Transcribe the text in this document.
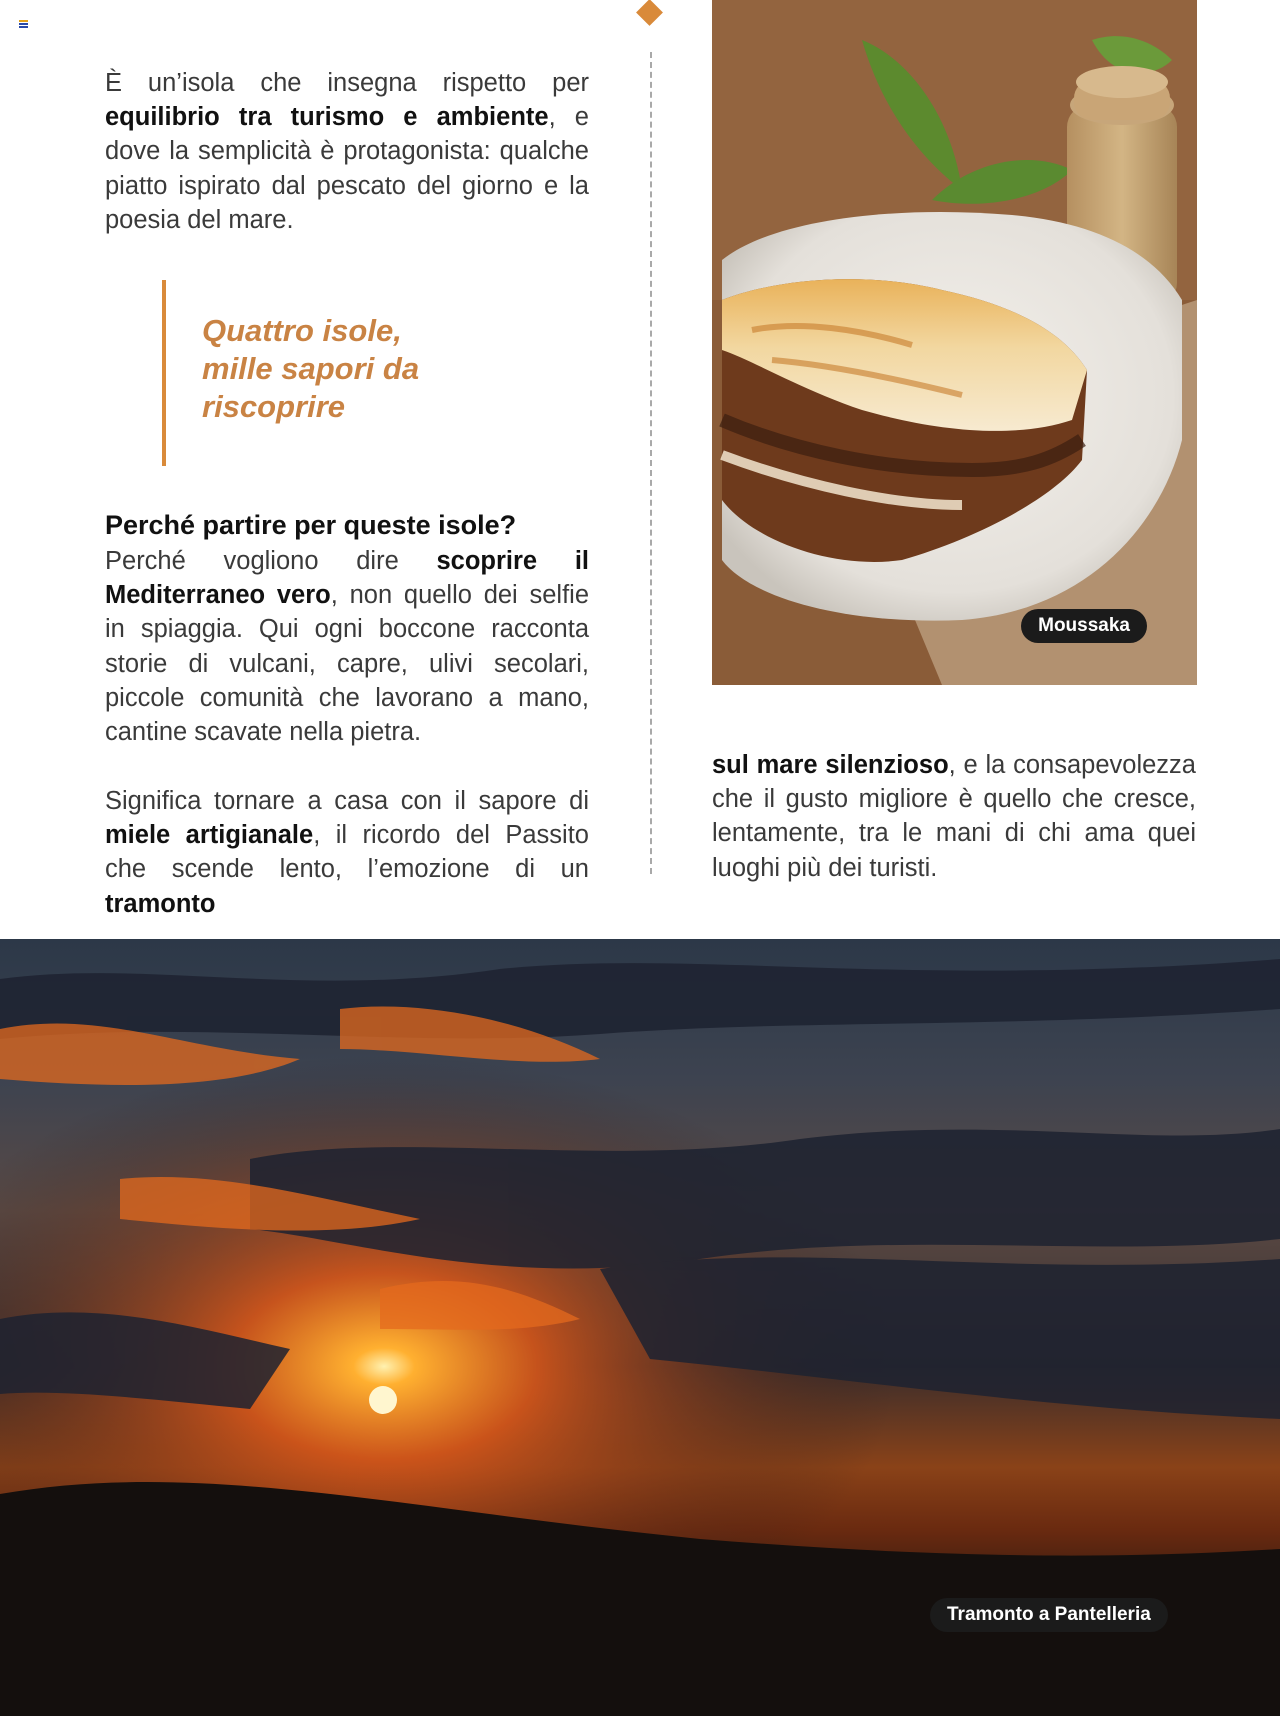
È un’isola che insegna rispetto per equilibrio tra turismo e ambiente, e dove la semplicità è protagonista: qualche piatto ispirato dal pescato del giorno e la poesia del mare.

Quattro isole,
mille sapori da
riscoprire
Perché partire per queste isole?

Perché vogliono dire scoprire il Mediterraneo vero, non quello dei selfie in spiaggia. Qui ogni boccone racconta storie di vulcani, capre, ulivi secolari, piccole comunità che lavorano a mano, cantine scavate nella pietra.

Significa tornare a casa con il sapore di miele artigianale, il ricordo del Passito che scende lento, l’emozione di un tramonto

Moussaka

sul mare silenzioso, e la consapevolezza che il gusto migliore è quello che cresce, lentamente, tra le mani di chi ama quei luoghi più dei turisti.

Tramonto a Pantelleria
